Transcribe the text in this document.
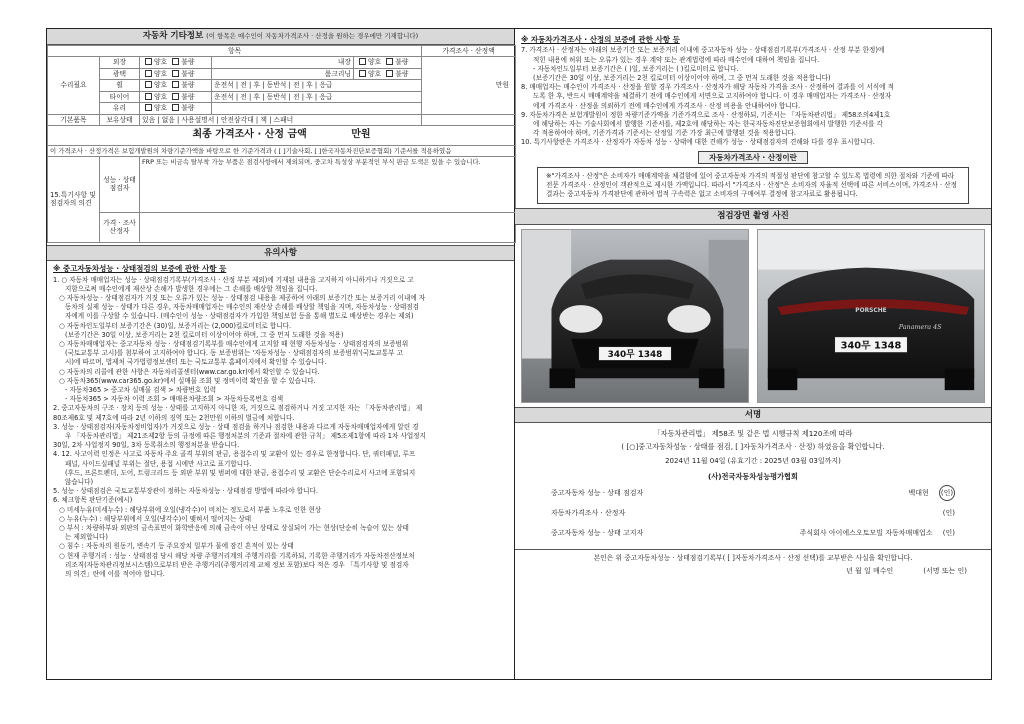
자동차 기타정보 (이 항목은 매수인이 자동차가격조사 · 산정을 원하는 경우에만 기재합니다)
항목					가격조사 · 산정액
수리필요	외장	양호 불량	내장	양호 불량	만원
	광택	양호 불량	룸크리닝	양호 불량	
	휠	양호 불량	운전석 | 전 | 후 | 동반석 | 전 | 후 | 응급		
	타이어	양호 불량	운전석 | 전 | 후 | 동반석 | 전 | 후 | 응급		
	유리	양호 불량			
기본품목	보유상태	있음 | 없음 | 사용설명서 | 안전삼각대 | 잭 | 스패너			
최종 가격조사 · 산정 금액 만원					
이 가격조사 · 산정가격은 보험개발원의 차량기준가액을 바탕으로 한 기준가격과 ( [ ]기술사회, [ ]한국자동차진단보증협회) 기준서를 적용하였음					
15.특기사항 및 점검자의 의견	성능 · 상태 점검자	FRP 또는 비금속 탈부착 가능 부품은 점검사항에서 제외되며, 중고차 특성상 부분적인 부식 판금 도색은 있을 수 있습니다.			
	가격 · 조사 산정자				
유의사항
※ 중고자동차성능 · 상태점검의 보증에 관한 사항 등

1. ○ 자동차 매매업자는 성능 · 상태점검기록부(가격조사 · 산정 부분 제외)에 기재된 내용을 고지하지 아니하거나 거짓으로 고

지함으로써 매수인에게 재산상 손해가 발생한 경우에는 그 손해를 배상할 책임을 집니다.

○ 자동차성능 · 상태점검자가 거짓 또는 오류가 있는 성능 · 상태점검 내용을 제공하여 아래의 보증기간 또는 보증거리 이내에 자

동차의 실제 성능 · 상태가 다른 경우, 자동차매매업자는 매수인의 재산상 손해를 배상할 책임을 지며, 자동차성능 · 상태점검

자에게 이를 구상할 수 있습니다. (매수인이 성능 · 상태점검자가 가입한 책임보험 등을 통해 별도로 배상받는 경우는 제외)

○ 자동차인도일부터 보증기간은 (30)일, 보증거리는 (2,000)킬로미터로 합니다.

(보증기간은 30일 이상, 보증거리는 2천 킬로미터 이상이어야 하며, 그 중 먼저 도래한 것을 적용)

○ 자동차매매업자는 중고자동차 성능 · 상태점검기록부를 매수인에게 고지할 때 현행 자동차성능 · 상태점검자의 보증범위

(국토교통부 고시)를 첨부하여 고지하여야 합니다. 동 보증범위는 '자동차성능 · 상태점검자의 보증범위'(국토교통부 고

시)에 따르며, 법제처 국가법령정보센터 또는 국토교통부 홈페이지에서 확인할 수 있습니다.

○ 자동차의 리콜에 관한 사항은 자동차리콜센터(www.car.go.kr)에서 확인할 수 있습니다.

○ 자동차365(www.car365.go.kr)에서 실매물 조회 및 정비이력 확인을 할 수 있습니다.

- 자동차365 > 중고차 실매물 검색 > 차량번호 입력

- 자동차365 > 자동차 이력 조회 > 매매용차량조회 > 자동차등록번호 검색

2. 중고자동차의 구조 · 장치 등의 성능 · 상태를 고지하지 아니한 자, 거짓으로 점검하거나 거짓 고지한 자는 「자동차관리법」 제

80조제6호 및 제7호에 따라 2년 이하의 징역 또는 2천만원 이하의 벌금에 처합니다.

3. 성능 · 상태점검자(자동차정비업자)가 거짓으로 성능 · 상태 점검을 하거나 점검한 내용과 다르게 자동차매매업자에게 알린 경

우 「자동차관리법」 제21조제2항 등의 규정에 따른 행정처분의 기준과 절차에 관한 규칙」 제5조제1항에 따라 1차 사업정지

30일, 2차 사업정지 90일, 3차 등록취소의 행정처분을 받습니다.

4. 12. 사고이력 인정은 사고로 자동차 주요 골격 부위의 판금, 용접수리 및 교환이 있는 경우로 한정합니다. 단, 쿼터패널, 루프

패널, 사이드실패널 부위는 절단, 용접 시에만 사고로 표기합니다.

(후드, 프론트펜더, 도어, 트렁크리드 등 외판 부위 및 범퍼에 대한 판금, 용접수리 및 교환은 단순수리로서 사고에 포함되지

않습니다)

5. 성능 · 상태점검은 국토교통부장관이 정하는 자동차성능 · 상태점검 방법에 따라야 합니다.

6. 체크항목 판단기준(예시)

○ 미세누유(미세누수) : 해당부위에 오일(냉각수)이 비치는 정도로서 부품 노후로 인한 현상

○ 누유(누수) : 해당부위에서 오일(냉각수)이 맺혀서 떨어지는 상태

○ 부식 : 차량하부와 외판의 금속표면이 화학반응에 의해 금속이 아닌 상태로 상실되어 가는 현상(단순히 녹슬어 있는 상태

는 제외합니다)

○ 침수 : 자동차의 원동기, 변속기 등 주요장치 일부가 물에 잠긴 흔적이 있는 상태

○ 현재 주행거리 : 성능 · 상태점검 당시 해당 차량 주행거리계의 주행거리를 기록하되, 기록한 주행거리가 자동차전산정보처

리조직(자동차관리정보시스템)으로부터 받은 주행거리(주행거리계 교체 정보 포함)보다 적은 경우 「특기사항 및 점검자

의 의견」란에 이를 적어야 합니다.

※ 자동차가격조사 · 산정의 보증에 관한 사항 등

7. 가격조사 · 산정자는 아래의 보증기간 또는 보증거리 이내에 중고자동차 성능 · 상태점검기록부(가격조사 · 산정 부분 한정)에

적힌 내용에 허위 또는 오류가 있는 경우 계약 또는 관계법령에 따라 매수인에 대하여 책임을 집니다.

- 자동차인도일부터 보증기간은 ( )일, 보증거리는 ( )킬로미터로 합니다.

(보증기간은 30일 이상, 보증거리는 2천 킬로미터 이상이어야 하며, 그 중 먼저 도래한 것을 적용합니다)

8. 매매업자는 매수인이 가격조사 · 산정을 원할 경우 가격조사 · 산정자가 해당 자동차 가격을 조사 · 산정하여 결과를 이 서식에 적

도록 한 후, 반드시 매매계약을 체결하기 전에 매수인에게 서면으로 고지하여야 합니다. 이 경우 매매업자는 가격조사 · 산정자

에게 가격조사 · 산정을 의뢰하기 전에 매수인에게 가격조사 · 산정 비용을 안내하여야 합니다.

9. 자동차가격은 보험개발원이 정한 차량기준가액을 기준가격으로 조사 · 산정하되, 기준서는 「자동차관리법」 제58조의4제1호

에 해당하는 자는 기술사회에서 발행한 기준서를, 제2호에 해당하는 자는 한국자동차진단보증협회에서 발행한 기준서를 각

각 적용하여야 하며, 기준가격과 기준서는 산정일 기준 가장 최근에 발행된 것을 적용합니다.

10. 특기사항란은 가격조사 · 산정자가 자동차 성능 · 상태에 대한 견해가 성능 · 상태점검자의 견해와 다를 경우 표시합니다.

자동차가격조사 · 산정이란
※"가격조사 · 산정"은 소비자가 매매계약을 체결함에 있어 중고자동차 가격의 적절성 판단에 참고할 수 있도록 법령에 의한 절차와 기준에 따라 전문 가격조사 · 산정인이 객관적으로 제시한 가액입니다. 따라서 "가격조사 · 산정"은 소비자의 자율적 선택에 따른 서비스이며, 가격조사 · 산정 결과는 중고자동차 가격판단에 관하여 법적 구속력은 없고 소비자의 구매여부 결정에 참고자료로 활용됩니다.
점검장면 촬영 사진
340무 1348
PORSCHE
Panamera 4S
340무 1348
서명
「자동차관리법」 제58조 및 같은 법 시행규칙 제120조에 따라
( [○]중고자동차성능 · 상태를 점검, [ ]자동차가격조사 · 산정) 하였음을 확인합니다.
2024년 11월 04일 (유효기간 : 2025년 03월 03일까지)
(사)전국자동차성능평가협회
중고자동차 성능 · 상태 점검자	백대현 (인)
자동차가격조사 · 산정자	(인)
중고자동차 성능 · 상태 고지자	주식회사 아이에스오토모빌 자동차매매업소 (인)
본인은 위 중고자동차성능 · 상태점검기록부( [ ]자동차가격조사 · 산정 선택)를 교부받은 사실을 확인합니다.
년 월 일 매수인	(서명 또는 인)
